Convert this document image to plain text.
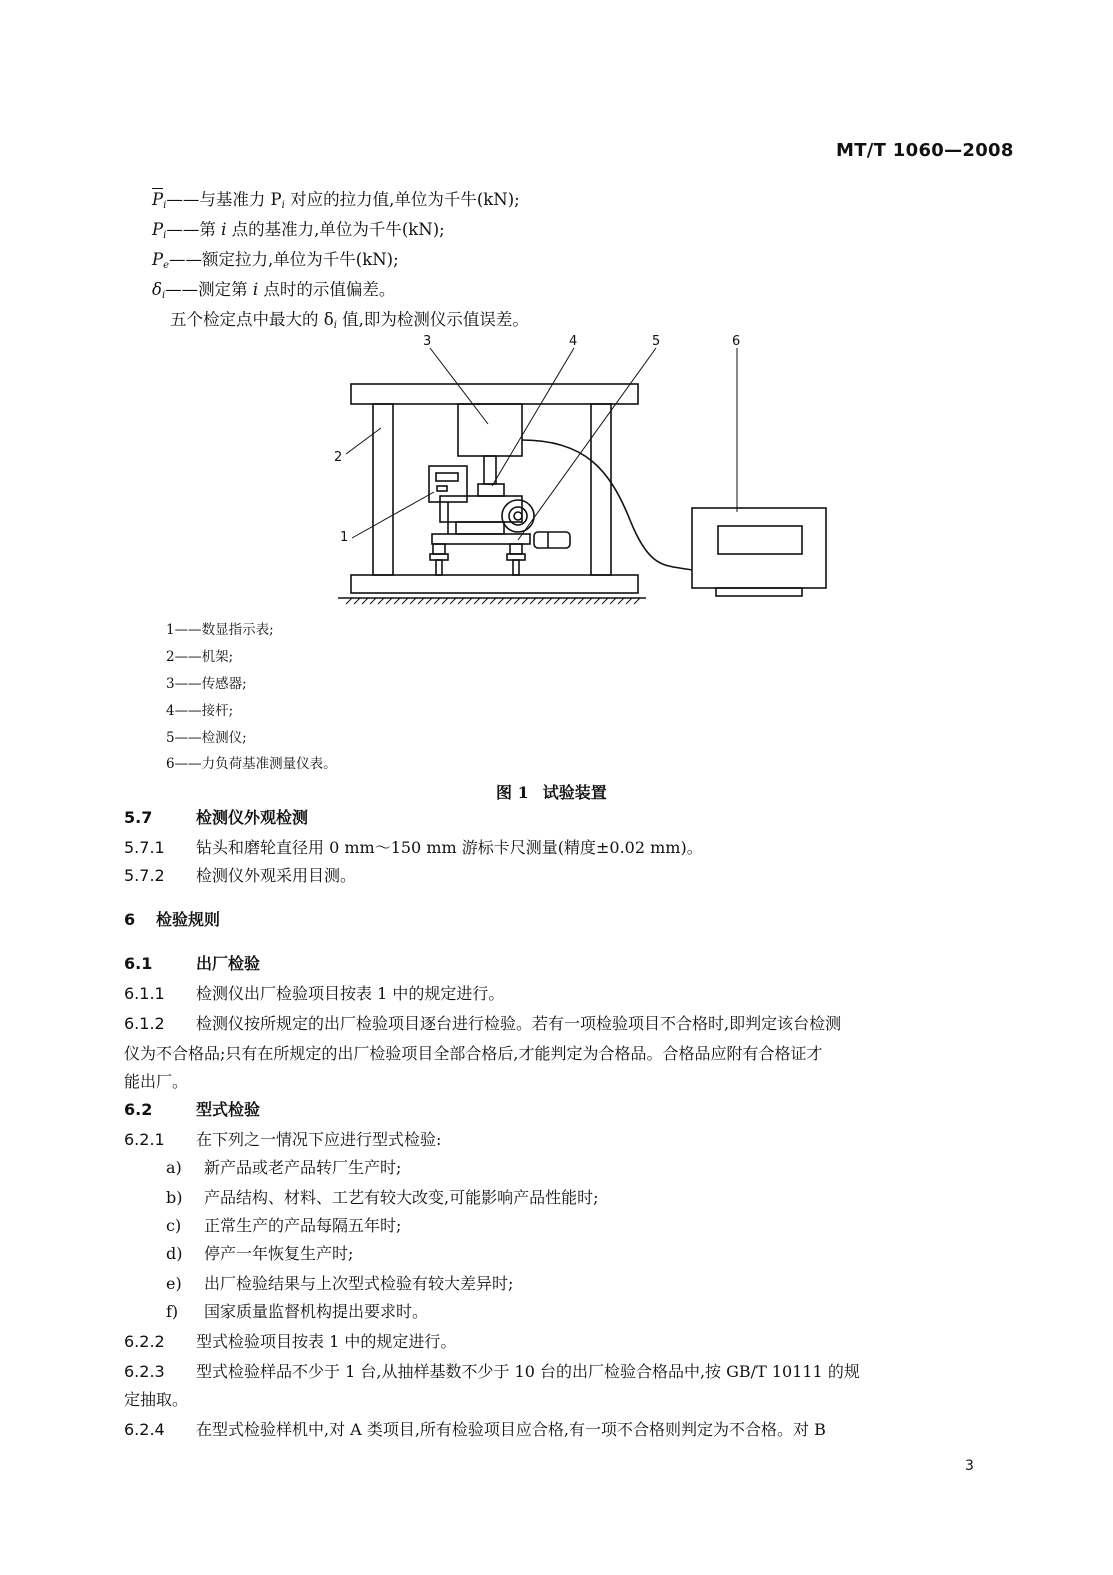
MT/T 1060—2008
$P_i——$与基准力 $P_i$ 对应的拉力值,单位为千牛(kN);
$P_i——$第 i 点的基准力,单位为千牛(kN);
$P_e——$额定拉力,单位为千牛(kN);
$\delta_i——$测定第 i 点时的示值偏差。
五个检定点中最大的 $\delta_i$ 值,即为检测仪示值误差。
3	4	5	6
2
1
1——数显指示表;
2——机架;
3——传感器;
4——接杆;
5——检测仪;
6——力负荷基准测量仪表。
图 1 试验装置
5.7	检测仪外观检测
5.7.1 钻头和磨轮直径用 0 mm～150 mm 游标卡尺测量(精度±0.02 mm)。
5.7.2 检测仪外观采用目测。
6 检验规则
6.1	出厂检验
6.1.1 检测仪出厂检验项目按表 1 中的规定进行。
6.1.2 检测仪按所规定的出厂检验项目逐台进行检验。若有一项检验项目不合格时,即判定该台检测
仪为不合格品;只有在所规定的出厂检验项目全部合格后,才能判定为合格品。合格品应附有合格证才
能出厂。
6.2	型式检验
6.2.1 在下列之一情况下应进行型式检验:
a) 新产品或老产品转厂生产时;
b) 产品结构、材料、工艺有较大改变,可能影响产品性能时;
c) 正常生产的产品每隔五年时;
d) 停产一年恢复生产时;
e) 出厂检验结果与上次型式检验有较大差异时;
f) 国家质量监督机构提出要求时。
6.2.2 型式检验项目按表 1 中的规定进行。
6.2.3 型式检验样品不少于 1 台,从抽样基数不少于 10 台的出厂检验合格品中,按 GB/T 10111 的规
定抽取。
6.2.4 在型式检验样机中,对 A 类项目,所有检验项目应合格,有一项不合格则判定为不合格。对 B
3
